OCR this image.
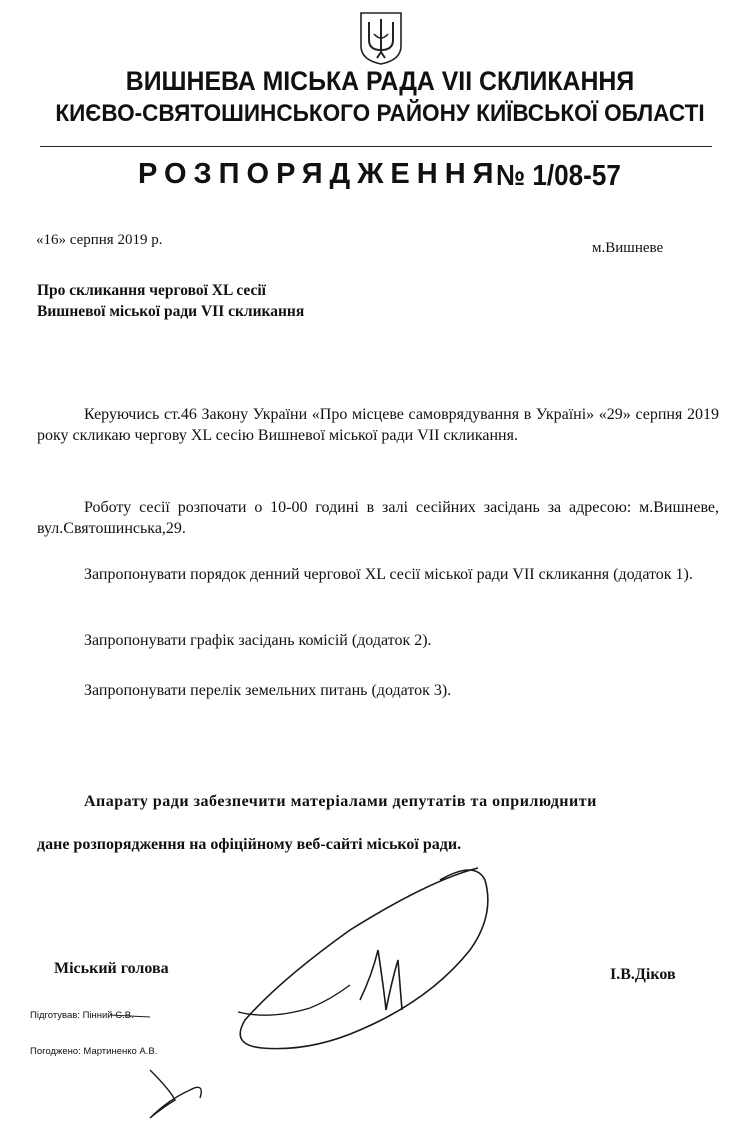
ВИШНЕВА МІСЬКА РАДА VII СКЛИКАННЯ
КИЄВО-СВЯТОШИНСЬКОГО РАЙОНУ КИЇВСЬКОЇ ОБЛАСТІ
РОЗПОРЯДЖЕННЯ
№ 1/08-57
«16» серпня 2019 р.	м.Вишневе
Про скликання чергової XL сесії
Вишневої міської ради VII скликання
Керуючись ст.46 Закону України «Про місцеве самоврядування в Україні» «29» серпня 2019 року скликаю чергову XL сесію Вишневої міської ради VII скликання.
Роботу сесії розпочати о 10-00 годині в залі сесійних засідань за адресою: м.Вишневе, вул.Святошинська,29.
Запропонувати порядок денний чергової XL сесії міської ради VII скликання (додаток 1).
Запропонувати графік засідань комісій (додаток 2).
Запропонувати перелік земельних питань (додаток 3).
Апарату ради забезпечити матеріалами депутатів та оприлюднити
дане розпорядження на офіційному веб-сайті міської ради.
Міський голова	І.В.Діков
Підготував: Пінний С.В.
Погоджено: Мартиненко А.В.
